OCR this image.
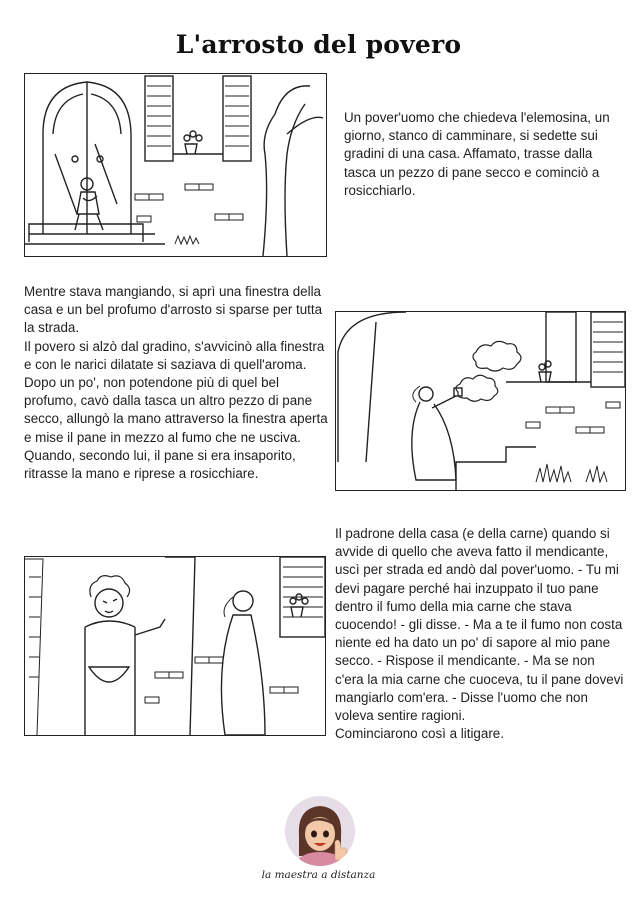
L'arrosto del povero

Un pover'uomo che chiedeva l'elemosina, un giorno, stanco di camminare, si sedette sui gradini di una casa. Affamato, trasse dalla tasca un pezzo di pane secco e cominciò a rosicchiarlo.

Mentre stava mangiando, si aprì una finestra della casa e un bel profumo d'arrosto si sparse per tutta la strada.

Il povero si alzò dal gradino, s'avvicinò alla finestra e con le narici dilatate si saziava di quell'aroma.

Dopo un po', non potendone più di quel bel profumo, cavò dalla tasca un altro pezzo di pane secco, allungò la mano attraverso la finestra aperta e mise il pane in mezzo al fumo che ne usciva.

Quando, secondo lui, il pane si era insaporito, ritrasse la mano e riprese a rosicchiare.

Il padrone della casa (e della carne) quando si avvide di quello che aveva fatto il mendicante, uscì per strada ed andò dal pover'uomo. - Tu mi devi pagare perché hai inzuppato il tuo pane dentro il fumo della mia carne che stava cuocendo! - gli disse. - Ma a te il fumo non costa niente ed ha dato un po' di sapore al mio pane secco. - Rispose il mendicante. - Ma se non c'era la mia carne che cuoceva, tu il pane dovevi mangiarlo com'era. - Disse l'uomo che non voleva sentire ragioni.

Cominciarono così a litigare.

la maestra a distanza
